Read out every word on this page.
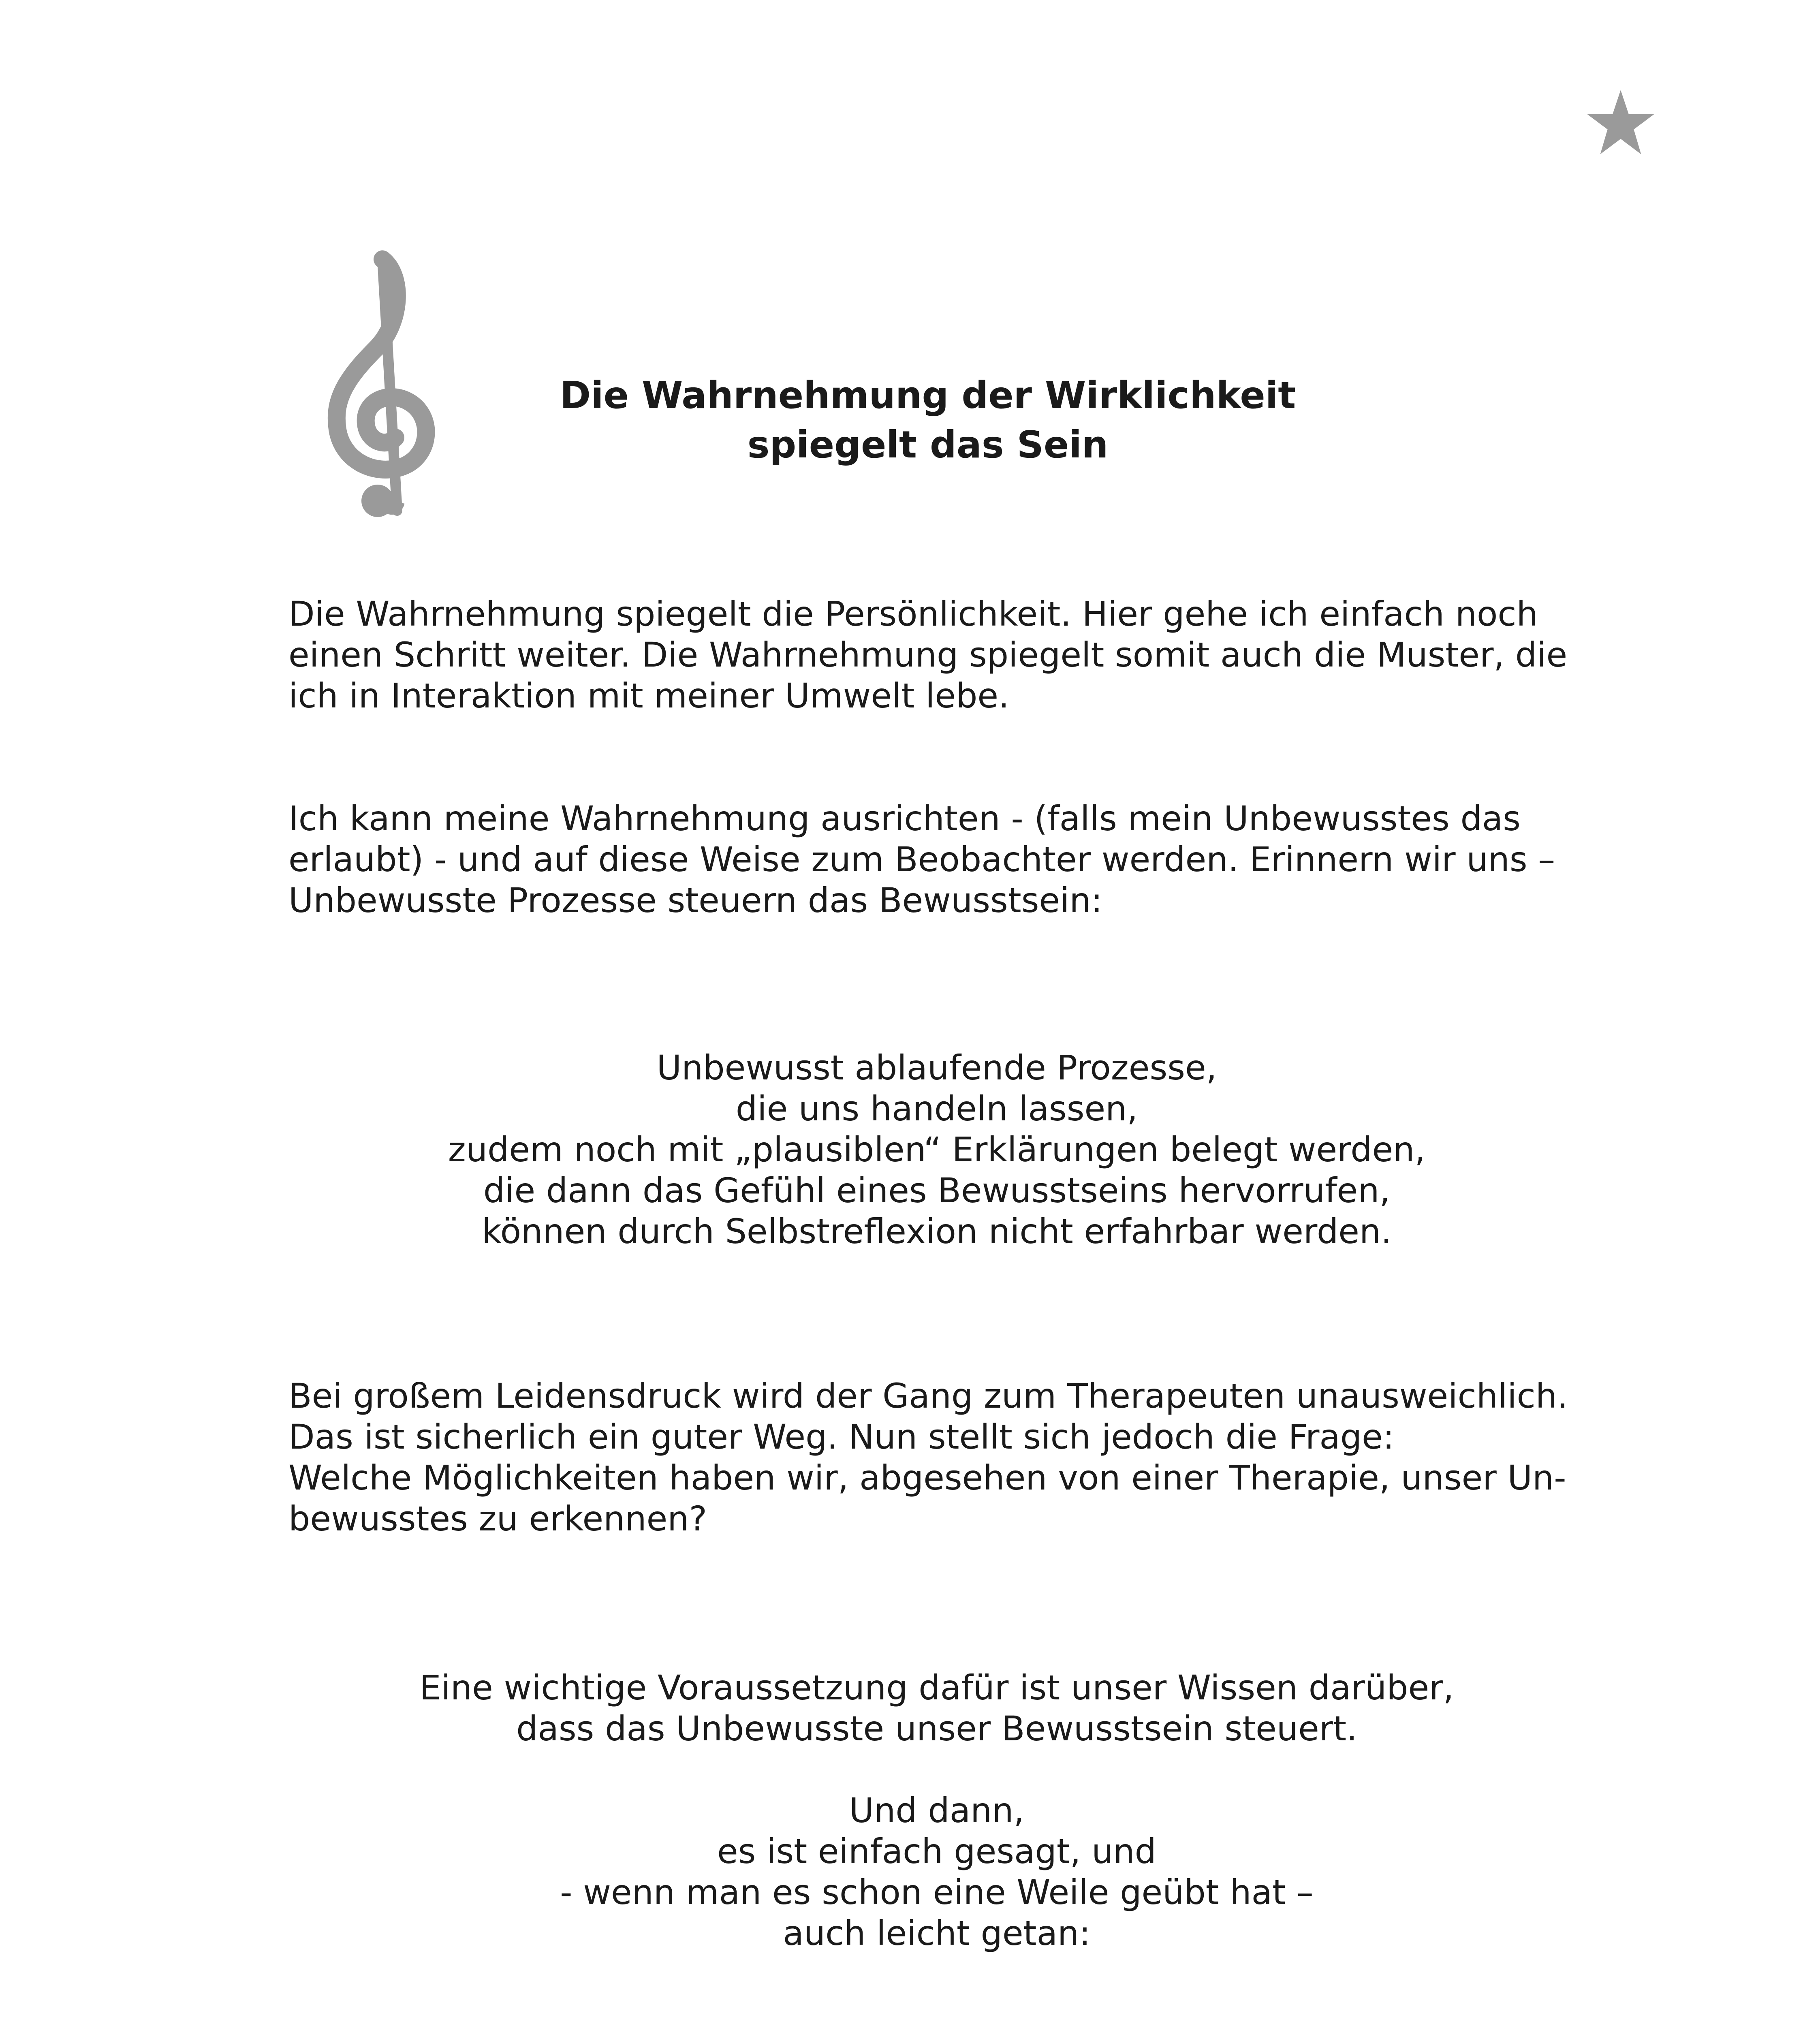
Die Wahrnehmung der Wirklichkeit
spiegelt das Sein

Die Wahrnehmung spiegelt die Persönlichkeit. Hier gehe ich einfach noch
einen Schritt weiter. Die Wahrnehmung spiegelt somit auch die Muster, die
ich in Interaktion mit meiner Umwelt lebe.

Ich kann meine Wahrnehmung ausrichten - (falls mein Unbewusstes das
erlaubt) - und auf diese Weise zum Beobachter werden. Erinnern wir uns –
Unbewusste Prozesse steuern das Bewusstsein:

Unbewusst ablaufende Prozesse,
die uns handeln lassen,
zudem noch mit „plausiblen“ Erklärungen belegt werden,
die dann das Gefühl eines Bewusstseins hervorrufen,
können durch Selbstreflexion nicht erfahrbar werden.

Bei großem Leidensdruck wird der Gang zum Therapeuten unausweichlich.
Das ist sicherlich ein guter Weg. Nun stellt sich jedoch die Frage:
Welche Möglichkeiten haben wir, abgesehen von einer Therapie, unser Un-
bewusstes zu erkennen?

Eine wichtige Voraussetzung dafür ist unser Wissen darüber,
dass das Unbewusste unser Bewusstsein steuert.
Und dann,
es ist einfach gesagt, und
- wenn man es schon eine Weile geübt hat –
auch leicht getan:
